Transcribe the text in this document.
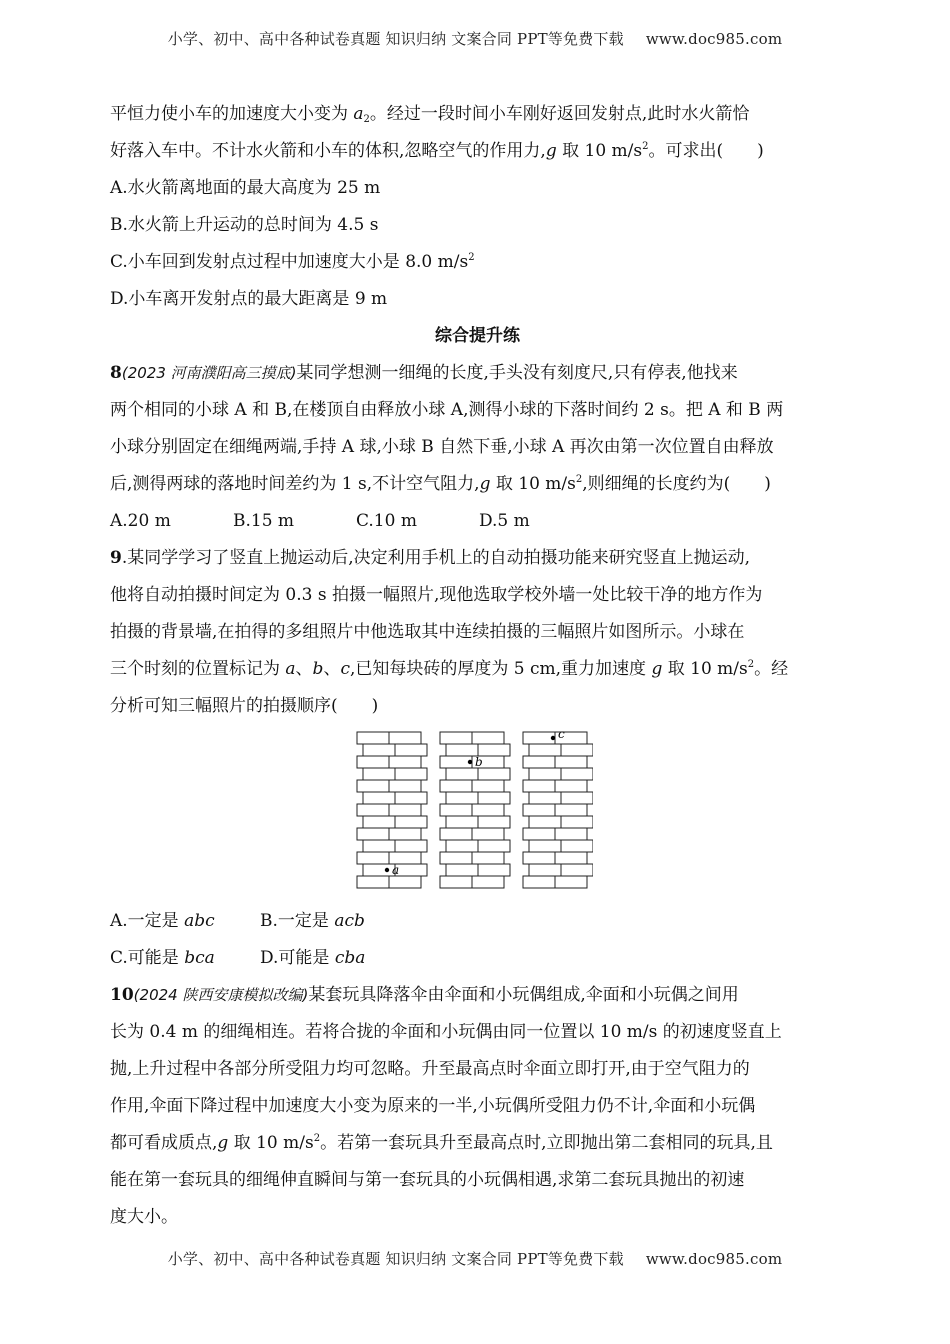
小学、初中、高中各种试卷真题 知识归纳 文案合同 PPT等免费下载 www.doc985.com

平恒力使小车的加速度大小变为 $a_2$。经过一段时间小车刚好返回发射点,此时水火箭恰

好落入车中。不计水火箭和小车的体积,忽略空气的作用力,g 取 10 $m/s^2$。可求出(　　)

A.水火箭离地面的最大高度为 25 m

B.水火箭上升运动的总时间为 4.5 s

C.小车回到发射点过程中加速度大小是 8.0 $m/s^2$

D.小车离开发射点的最大距离是 9 m

综合提升练

8(2023 河南濮阳高三摸底)某同学想测一细绳的长度,手头没有刻度尺,只有停表,他找来

两个相同的小球 A 和 B,在楼顶自由释放小球 A,测得小球的下落时间约 2 s。把 A 和 B 两

小球分别固定在细绳两端,手持 A 球,小球 B 自然下垂,小球 A 再次由第一次位置自由释放

后,测得两球的落地时间差约为 1 s,不计空气阻力,g 取 10 $m/s^2$,则细绳的长度约为(　　)

A.20 m	B.15 m	C.10 m	D.5 m

9.某同学学习了竖直上抛运动后,决定利用手机上的自动拍摄功能来研究竖直上抛运动,

他将自动拍摄时间定为 0.3 s 拍摄一幅照片,现他选取学校外墙一处比较干净的地方作为

拍摄的背景墙,在拍得的多组照片中他选取其中连续拍摄的三幅照片如图所示。小球在

三个时刻的位置标记为 a、b、c,已知每块砖的厚度为 5 cm,重力加速度 g 取 10 $m/s^2$。经

分析可知三幅照片的拍摄顺序(　　)

a
b
c
A.一定是 abc	B.一定是 acb
C.可能是 bca	D.可能是 cba

10(2024 陕西安康模拟改编)某套玩具降落伞由伞面和小玩偶组成,伞面和小玩偶之间用

长为 0.4 m 的细绳相连。若将合拢的伞面和小玩偶由同一位置以 10 m/s 的初速度竖直上

抛,上升过程中各部分所受阻力均可忽略。升至最高点时伞面立即打开,由于空气阻力的

作用,伞面下降过程中加速度大小变为原来的一半,小玩偶所受阻力仍不计,伞面和小玩偶

都可看成质点,g 取 10 $m/s^2$。若第一套玩具升至最高点时,立即抛出第二套相同的玩具,且

能在第一套玩具的细绳伸直瞬间与第一套玩具的小玩偶相遇,求第二套玩具抛出的初速

度大小。

小学、初中、高中各种试卷真题 知识归纳 文案合同 PPT等免费下载 www.doc985.com
